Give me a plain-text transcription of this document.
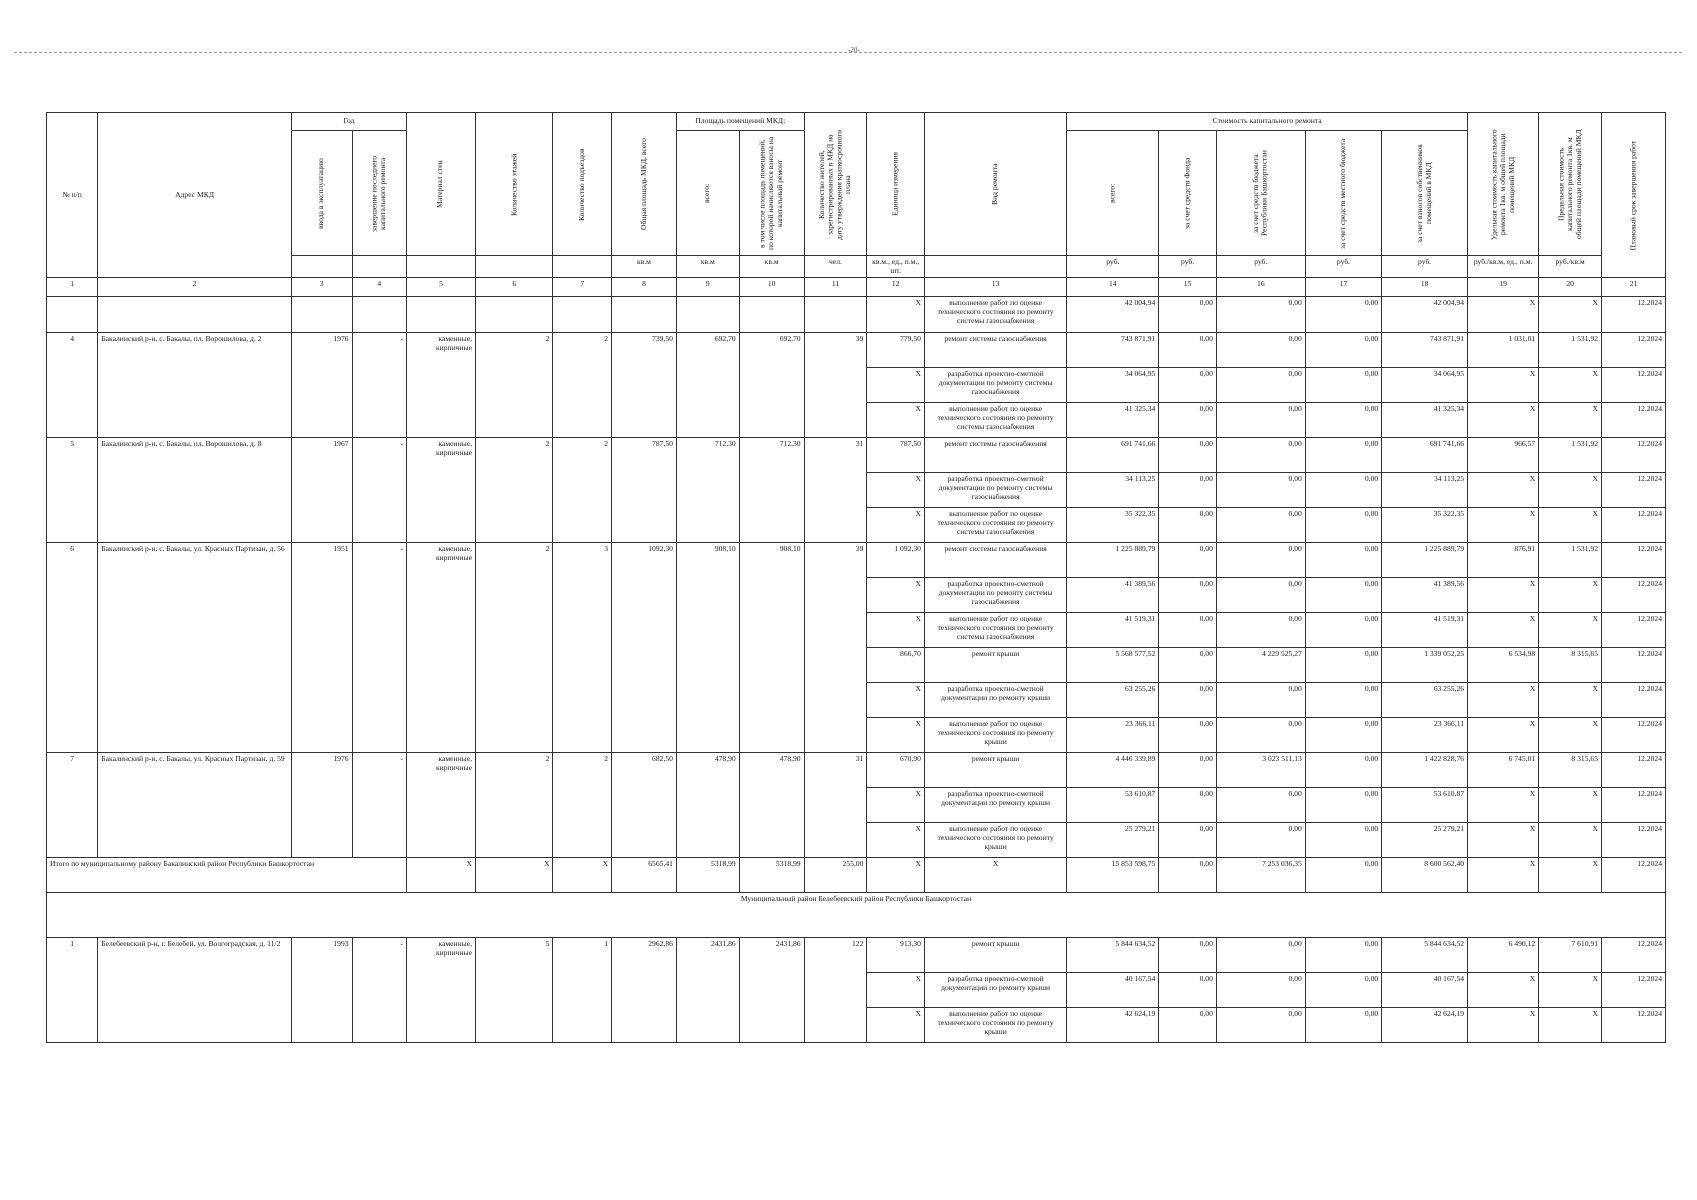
-20-
№ п/п	Адрес МКД	Год		Материал стен	Количество этажей	Количество подъездов	Общая площадь МКД, всего	Площадь помещений МКД:		Количество жителей, зарегистрированных в МКД на дату утверждения краткосрочного плана	Единица измерения	Вид ремонта	Стоимость капитального ремонта					Удельная стоимость капитального ремонта 1кв. м общей площади помещений МКД	Предельная стоимость капитального ремонта 1кв. м общей площади помещений МКД	Плановый срок завершения работ
		ввода в эксплуатацию	завершение последнего капитального ремонта					всего:	в том числе площадь помещений, по которой начисляются взносы на капитальный ремонт				всего:	за счет средств Фонда	за счет средств бюджета Республики Башкортостан	за счет средств местного бюджета	за счет взносов собственников помещений в МКД			
							кв.м	кв.м	кв.м	чел.	кв.м., ед., п.м., шт.		руб.	руб.	руб.	руб.	руб.	руб./кв.м, ед., п.м.	руб./кв.м	
1	2	3	4	5	6	7	8	9	10	11	12	13	14	15	16	17	18	19	20	21
											X	выполнение работ по оценке технического состояния по ремонту системы газоснабжения	42 004,94	0,00	0,00	0,00	42 004,94	X	X	12.2024
4	Бакалинский р-н, с. Бакалы, пл. Ворошилова, д. 2	1976	-	каменные, кирпичные	2	2	739,50	692,70	692,70	39	779,50	ремонт системы газоснабжения	743 871,91	0,00	0,00	0,00	743 871,91	1 031,01	1 531,92	12.2024
											X	разработка проектно-сметной документации по ремонту системы газоснабжения	34 064,95	0,00	0,00	0,00	34 064,95	X	X	12.2024
											X	выполнение работ по оценке технического состояния по ремонту системы газоснабжения	41 325,34	0,00	0,00	0,00	41 325,34	X	X	12.2024
5	Бакалинский р-н, с. Бакалы, пл. Ворошилова, д. 8	1967	-	каменные, кирпичные	2	2	787,50	712,30	712,30	31	787,50	ремонт системы газоснабжения	691 741,66	0,00	0,00	0,00	691 741,66	966,57	1 531,92	12.2024
											X	разработка проектно-сметной документации по ремонту системы газоснабжения	34 113,25	0,00	0,00	0,00	34 113,25	X	X	12.2024
											X	выполнение работ по оценке технического состояния по ремонту системы газоснабжения	35 322,35	0,00	0,00	0,00	35 322,35	X	X	12.2024
6	Бакалинский р-н, с. Бакалы, ул. Красных Партизан, д. 56	1951	-	каменные, кирпичные	2	3	1092,30	908,10	908,10	39	1 092,30	ремонт системы газоснабжения	1 225 889,79	0,00	0,00	0,00	1 225 889,79	876,91	1 531,92	12.2024
											X	разработка проектно-сметной документации по ремонту системы газоснабжения	41 389,56	0,00	0,00	0,00	41 389,56	X	X	12.2024
											X	выполнение работ по оценке технического состояния по ремонту системы газоснабжения	41 519,31	0,00	0,00	0,00	41 519,31	X	X	12.2024
											866,70	ремонт крыши	5 568 577,52	0,00	4 229 525,27	0,00	1 339 052,25	6 534,98	8 315,65	12.2024
											X	разработка проектно-сметной документации по ремонту крыши	63 255,26	0,00	0,00	0,00	63 255,26	X	X	12.2024
											X	выполнение работ по оценке технического состояния по ремонту крыши	23 366,11	0,00	0,00	0,00	23 366,11	X	X	12.2024
7	Бакалинский р-н, с. Бакалы, ул. Красных Партизан, д. 59	1976	-	каменные, кирпичные	2	2	682,50	478,90	478,90	31	670,90	ремонт крыши	4 446 339,89	0,00	3 023 511,13	0,00	1 422 828,76	6 745,01	8 315,65	12.2024
											X	разработка проектно-сметной документации по ремонту крыши	53 610,87	0,00	0,00	0,00	53 610,87	X	X	12.2024
											X	выполнение работ по оценке технического состояния по ремонту крыши	25 279,21	0,00	0,00	0,00	25 279,21	X	X	12.2024
Итого по муниципальному району Бакалинский район Республики Башкортостан				X	X	X	6565,41	5318,99	5318,99	255,00	X	X	15 853 598,75	0,00	7 253 036,35	0,00	8 600 562,40	X	X	12.2024
Муниципальный район Белебеевский район Республики Башкортостан																				
1	Белебеевский р-н, г. Белебей, ул. Волгоградская, д. 11/2	1993	-	каменные, кирпичные	5	1	2962,86	2431,86	2431,86	122	913,30	ремонт крыши	5 844 634,52	0,00	0,00	0,00	5 844 634,52	6 490,12	7 610,91	12.2024
											X	разработка проектно-сметной документации по ремонту крыши	40 167,54	0,00	0,00	0,00	40 167,54	X	X	12.2024
											X	выполнение работ по оценке технического состояния по ремонту крыши	42 624,19	0,00	0,00	0,00	42 624,19	X	X	12.2024
